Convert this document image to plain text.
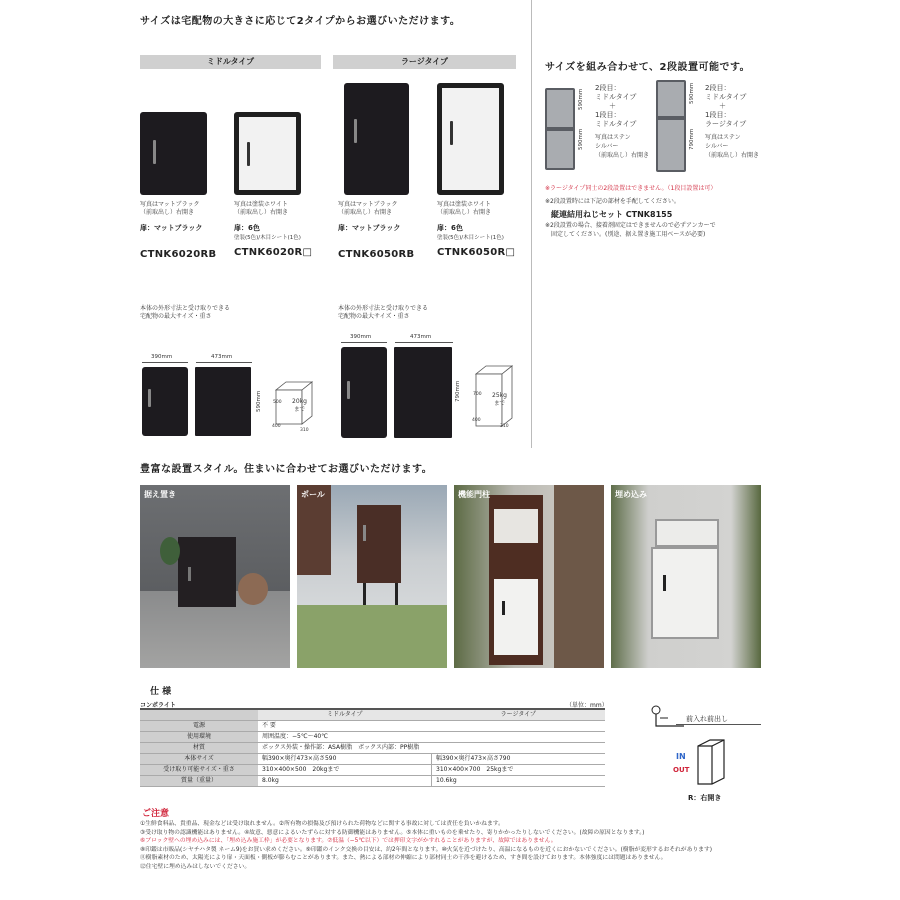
サイズは宅配物の大きさに応じて2タイプからお選びいただけます。
ミドルタイプ	ラージタイプ
写真はマットブラック
（前取出し）右開き
扉：マットブラック
CTNK6020RB
写真は塗装ホワイト
（前取出し）右開き
扉：6色
塗装(5色)/木目シート(1色)
CTNK6020R□
写真はマットブラック
（前取出し）右開き
扉：マットブラック
CTNK6050RB
写真は塗装ホワイト
（前取出し）右開き
扉：6色
塗装(5色)/木目シート(1色)
CTNK6050R□
サイズを組み合わせて、2段設置可能です。
590mm
590mm
2段目：
ミドルタイプ
＋
1段目：
ミドルタイプ
写真はステン
シルバー
（前取出し）右開き
590mm
790mm
2段目：
ミドルタイプ
＋
1段目：
ラージタイプ
写真はステン
シルバー
（前取出し）右開き
※ラージタイプ同士の2段設置はできません。（1段目設置は可）
※2段設置時には下記の部材を手配してください。
縦連結用ねじセット CTNK8155
※2段設置の場合、接着剤固定はできませんので必ずアンカーで
固定してください。(別途、据え置き施工用ベースが必要)
本体の外形寸法と受け取りできる
宅配物の最大サイズ・重さ
本体の外形寸法と受け取りできる
宅配物の最大サイズ・重さ
390mm	473mm
590mm	20kg
まで
500
400
310
390mm	473mm
790mm	25kg
まで
700
400
310
豊富な設置スタイル。住まいに合わせてお選びいただけます。
据え置き	ポール	機能門柱	埋め込み
仕 様
コンポライト	（単位：mm）
	ミドルタイプ	ラージタイプ
電源	不 要	
使用環境	周囲温度：−5℃〜40℃	
材質	ボックス外装・操作部：ASA樹脂　ボックス内部：PP樹脂	
本体サイズ	幅390×奥行473×高さ590	幅390×奥行473×高さ790
受け取り可能サイズ・重さ	310×400×500　20kgまで	310×400×700　25kgまで
質量（重量）	8.0kg	10.6kg
前入れ前出し
IN
OUT
R：右開き
ご注意
①生鮮食料品、貴重品、現金などは受け取れません。②所有物の損傷及び預けられた荷物などに関する事故に対しては責任を負いかねます。
③受け取り物の認識機能はありません。④故意、悪意によるいたずらに対する防御機能はありません。⑤本体に重いものを乗せたり、寄りかかったりしないでください。(故障の原因となります。)
⑥ブロック壁への埋め込みには、「埋め込み施工枠」が必要となります。⑦低温（−5℃以下）では押印文字がかすれることがありますが、故障ではありません。
⑧印鑑は市販品(シヤチハタ製 ネーム9)をお買い求めください。⑨印鑑のインク交換の目安は、約2年間となります。⑩火気を近づけたり、高温になるものを近くにおかないでください。(樹脂が変形するおそれがあります)
⑪樹脂素材のため、太陽光により扉・天面板・側板が膨らむことがあります。また、熱による部材の伸縮により部材同士の干渉を避けるため、すき間を設けております。本体強度には問題はありません。
⑫住宅壁に埋め込みはしないでください。
